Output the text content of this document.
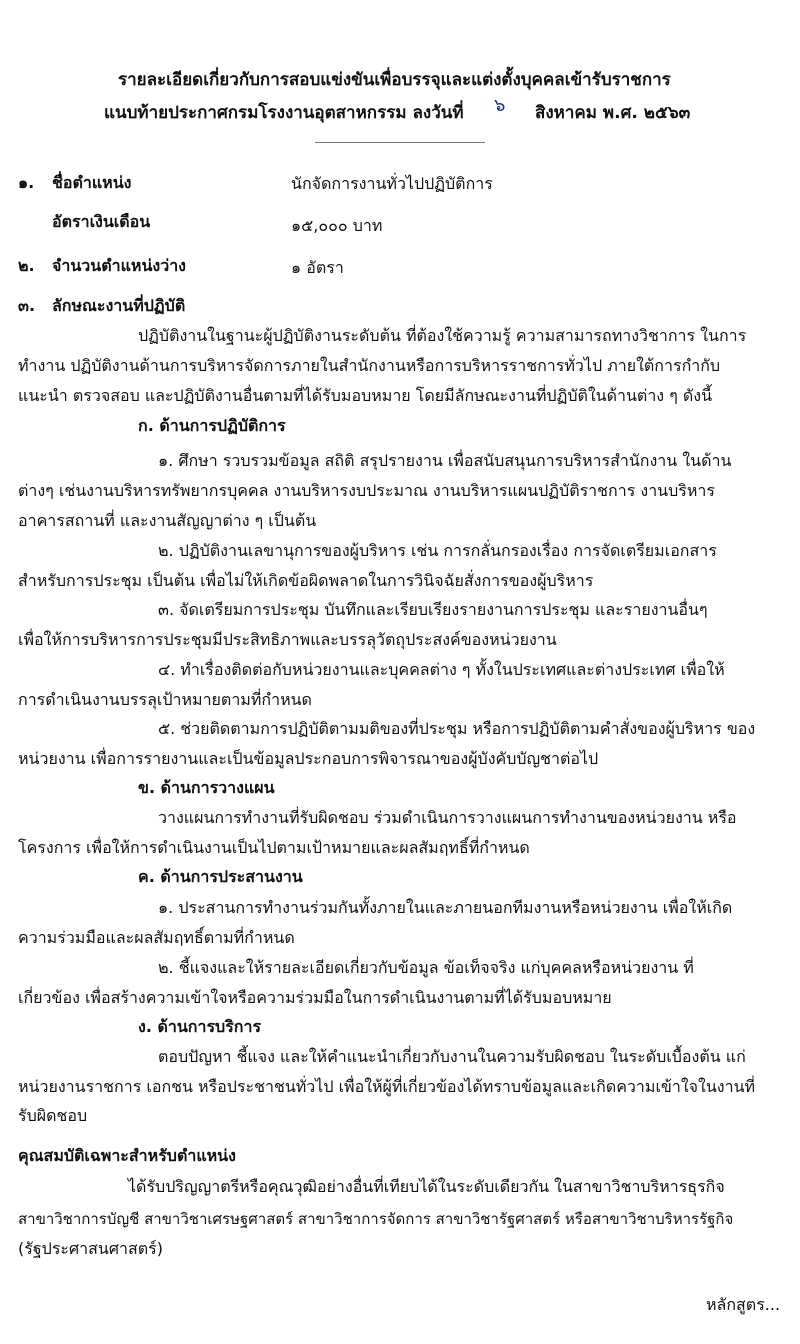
รายละเอียดเกี่ยวกับการสอบแข่งขันเพื่อบรรจุและแต่งตั้งบุคคลเข้ารับราชการ
แนบท้ายประกาศกรมโรงงานอุตสาหกรรม ลงวันที่ ๖ สิงหาคม พ.ศ. ๒๕๖๓
๑. ชื่อตำแหน่ง	นักจัดการงานทั่วไปปฏิบัติการ
อัตราเงินเดือน	๑๕,๐๐๐ บาท
๒. จำนวนตำแหน่งว่าง	๑ อัตรา
๓. ลักษณะงานที่ปฏิบัติ
ปฏิบัติงานในฐานะผู้ปฏิบัติงานระดับต้น ที่ต้องใช้ความรู้ ความสามารถทางวิชาการ ในการ
ทำงาน ปฏิบัติงานด้านการบริหารจัดการภายในสำนักงานหรือการบริหารราชการทั่วไป ภายใต้การกำกับ
แนะนำ ตรวจสอบ และปฏิบัติงานอื่นตามที่ได้รับมอบหมาย โดยมีลักษณะงานที่ปฏิบัติในด้านต่าง ๆ ดังนี้
ก. ด้านการปฏิบัติการ
๑. ศึกษา รวบรวมข้อมูล สถิติ สรุปรายงาน เพื่อสนับสนุนการบริหารสำนักงาน ในด้าน
ต่างๆ เช่นงานบริหารทรัพยากรบุคคล งานบริหารงบประมาณ งานบริหารแผนปฏิบัติราชการ งานบริหาร
อาคารสถานที่ และงานสัญญาต่าง ๆ เป็นต้น
๒. ปฏิบัติงานเลขานุการของผู้บริหาร เช่น การกลั่นกรองเรื่อง การจัดเตรียมเอกสาร
สำหรับการประชุม เป็นต้น เพื่อไม่ให้เกิดข้อผิดพลาดในการวินิจฉัยสั่งการของผู้บริหาร
๓. จัดเตรียมการประชุม บันทึกและเรียบเรียงรายงานการประชุม และรายงานอื่นๆ
เพื่อให้การบริหารการประชุมมีประสิทธิภาพและบรรลุวัตถุประสงค์ของหน่วยงาน
๔. ทำเรื่องติดต่อกับหน่วยงานและบุคคลต่าง ๆ ทั้งในประเทศและต่างประเทศ เพื่อให้
การดำเนินงานบรรลุเป้าหมายตามที่กำหนด
๕. ช่วยติดตามการปฏิบัติตามมติของที่ประชุม หรือการปฏิบัติตามคำสั่งของผู้บริหาร ของ
หน่วยงาน เพื่อการรายงานและเป็นข้อมูลประกอบการพิจารณาของผู้บังคับบัญชาต่อไป
ข. ด้านการวางแผน
วางแผนการทำงานที่รับผิดชอบ ร่วมดำเนินการวางแผนการทำงานของหน่วยงาน หรือ
โครงการ เพื่อให้การดำเนินงานเป็นไปตามเป้าหมายและผลสัมฤทธิ์ที่กำหนด
ค. ด้านการประสานงาน
๑. ประสานการทำงานร่วมกันทั้งภายในและภายนอกทีมงานหรือหน่วยงาน เพื่อให้เกิด
ความร่วมมือและผลสัมฤทธิ์ตามที่กำหนด
๒. ชี้แจงและให้รายละเอียดเกี่ยวกับข้อมูล ข้อเท็จจริง แก่บุคคลหรือหน่วยงาน ที่
เกี่ยวข้อง เพื่อสร้างความเข้าใจหรือความร่วมมือในการดำเนินงานตามที่ได้รับมอบหมาย
ง. ด้านการบริการ
ตอบปัญหา ชี้แจง และให้คำแนะนำเกี่ยวกับงานในความรับผิดชอบ ในระดับเบื้องต้น แก่
หน่วยงานราชการ เอกชน หรือประชาชนทั่วไป เพื่อให้ผู้ที่เกี่ยวข้องได้ทราบข้อมูลและเกิดความเข้าใจในงานที่
รับผิดชอบ
คุณสมบัติเฉพาะสำหรับตำแหน่ง
ได้รับปริญญาตรีหรือคุณวุฒิอย่างอื่นที่เทียบได้ในระดับเดียวกัน ในสาขาวิชาบริหารธุรกิจ
สาขาวิชาการบัญชี สาขาวิชาเศรษฐศาสตร์ สาขาวิชาการจัดการ สาขาวิชารัฐศาสตร์ หรือสาขาวิชาบริหารรัฐกิจ
(รัฐประศาสนศาสตร์)
หลักสูตร...
